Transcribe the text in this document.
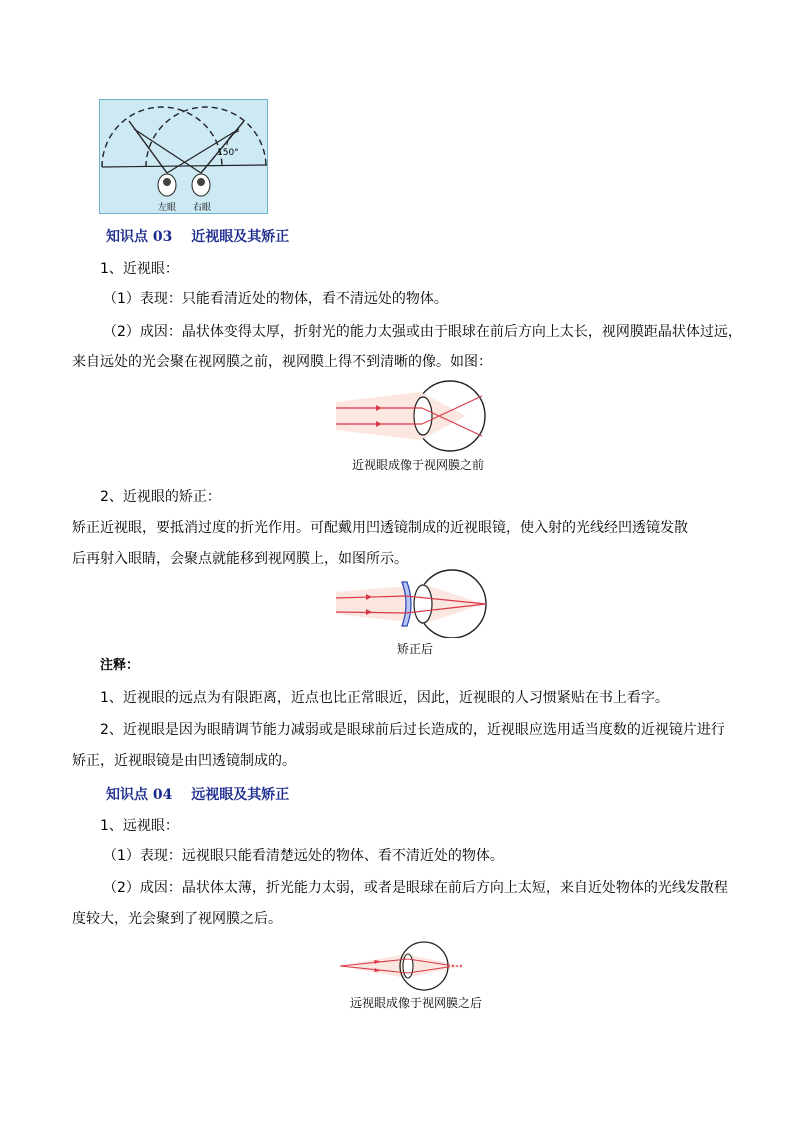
150°
左眼 右眼
知识点 03 近视眼及其矫正
1、近视眼：
（1）表现：只能看清近处的物体，看不清远处的物体。
（2）成因：晶状体变得太厚，折射光的能力太强或由于眼球在前后方向上太长，视网膜距晶状体过远，
来自远处的光会聚在视网膜之前，视网膜上得不到清晰的像。如图：
近视眼成像于视网膜之前
2、近视眼的矫正：
矫正近视眼，要抵消过度的折光作用。可配戴用凹透镜制成的近视眼镜，使入射的光线经凹透镜发散
后再射入眼睛，会聚点就能移到视网膜上，如图所示。
矫正后
注释：
1、近视眼的远点为有限距离，近点也比正常眼近，因此，近视眼的人习惯紧贴在书上看字。
2、近视眼是因为眼睛调节能力减弱或是眼球前后过长造成的，近视眼应选用适当度数的近视镜片进行
矫正，近视眼镜是由凹透镜制成的。
知识点 04 远视眼及其矫正
1、远视眼：
（1）表现：远视眼只能看清楚远处的物体、看不清近处的物体。
（2）成因：晶状体太薄，折光能力太弱，或者是眼球在前后方向上太短，来自近处物体的光线发散程
度较大，光会聚到了视网膜之后。
远视眼成像于视网膜之后
